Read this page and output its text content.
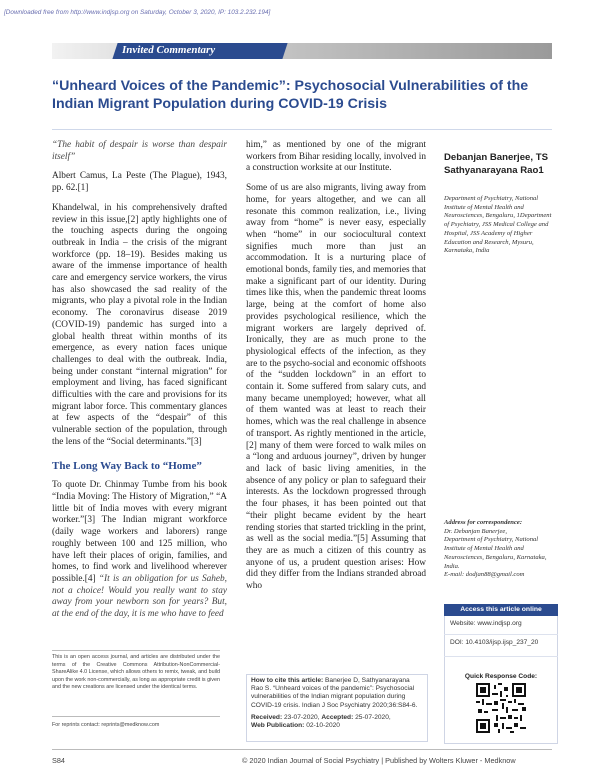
[Downloaded free from http://www.indjsp.org on Saturday, October 3, 2020, IP: 103.2.232.194]
Invited Commentary
“Unheard Voices of the Pandemic”: Psychosocial Vulnerabilities of the Indian Migrant Population during COVID-19 Crisis

“The habit of despair is worse than despair itself”

Albert Camus, La Peste (The Plague), 1943, pp. 62.[1]

Khandelwal, in his comprehensively drafted review in this issue,[2] aptly highlights one of the touching aspects during the ongoing outbreak in India – the crisis of the migrant workforce (pp. 18–19). Besides making us aware of the immense importance of health care and emergency service workers, the virus has also showcased the sad reality of the migrants, who play a pivotal role in the Indian economy. The coronavirus disease 2019 (COVID-19) pandemic has surged into a global health threat within months of its emergence, as every nation faces unique challenges to deal with the outbreak. India, being under constant “internal migration” for employment and living, has faced significant difficulties with the care and provisions for its migrant labor force. This commentary glances at few aspects of the “despair” of this vulnerable section of the population, through the lens of the “Social determinants.”[3]

The Long Way Back to “Home”

To quote Dr. Chinmay Tumbe from his book “India Moving: The History of Migration,” “A little bit of India moves with every migrant worker.”[3] The Indian migrant workforce (daily wage workers and laborers) range roughly between 100 and 125 million, who have left their places of origin, families, and homes, to find work and livelihood wherever possible.[4] “It is an obligation for us Saheb, not a choice! Would you really want to stay away from your newborn son for years? But, at the end of the day, it is me who have to feed

him,” as mentioned by one of the migrant workers from Bihar residing locally, involved in a construction worksite at our Institute.

Some of us are also migrants, living away from home, for years altogether, and we can all resonate this common realization, i.e., living away from “home” is never easy, especially when “home” in our sociocultural context signifies much more than just an accommodation. It is a nurturing place of emotional bonds, family ties, and memories that make a significant part of our identity. During times like this, when the pandemic threat looms large, being at the comfort of home also provides psychological resilience, which the migrant workers are largely deprived of. Ironically, they are as much prone to the physiological effects of the infection, as they are to the psycho-social and economic offshoots of the “sudden lockdown” in an effort to contain it. Some suffered from salary cuts, and many became unemployed; however, what all of them wanted was at least to reach their homes, which was the real challenge in absence of transport. As rightly mentioned in the article,[2] many of them were forced to walk miles on a “long and arduous journey”, driven by hunger and lack of basic living amenities, in the absence of any policy or plan to safeguard their interests. As the lockdown progressed through the four phases, it has been pointed out that “their plight became evident by the heart rending stories that started trickling in the print, as well as the social media.”[5] Assuming that they are as much a citizen of this country as anyone of us, a prudent question arises: How did they differ from the Indians stranded abroad who

Debanjan Banerjee, TS Sathyanarayana Rao1
Department of Psychiatry, National Institute of Mental Health and Neurosciences, Bengaluru, 1Department of Psychiatry, JSS Medical College and Hospital, JSS Academy of Higher Education and Research, Mysuru, Karnataka, India
Address for correspondence:
Dr. Debanjan Banerjee,
Department of Psychiatry, National Institute of Mental Health and Neurosciences, Bengaluru, Karnataka, India.
E-mail: dodjan88@gmail.com
Access this article online
Website: www.indjsp.org
DOI: 10.4103/ijsp.ijsp_237_20
Quick Response Code:
This is an open access journal, and articles are distributed under the terms of the Creative Commons Attribution-NonCommercial-ShareAlike 4.0 License, which allows others to remix, tweak, and build upon the work non-commercially, as long as appropriate credit is given and the new creations are licensed under the identical terms.
For reprints contact: reprints@medknow.com
How to cite this article: Banerjee D, Sathyanarayana Rao S. “Unheard voices of the pandemic”: Psychosocial vulnerabilities of the Indian migrant population during COVID-19 crisis. Indian J Soc Psychiatry 2020;36:S84-6.
Received: 23-07-2020, Accepted: 25-07-2020,
Web Publication: 02-10-2020
S84	© 2020 Indian Journal of Social Psychiatry | Published by Wolters Kluwer - Medknow
